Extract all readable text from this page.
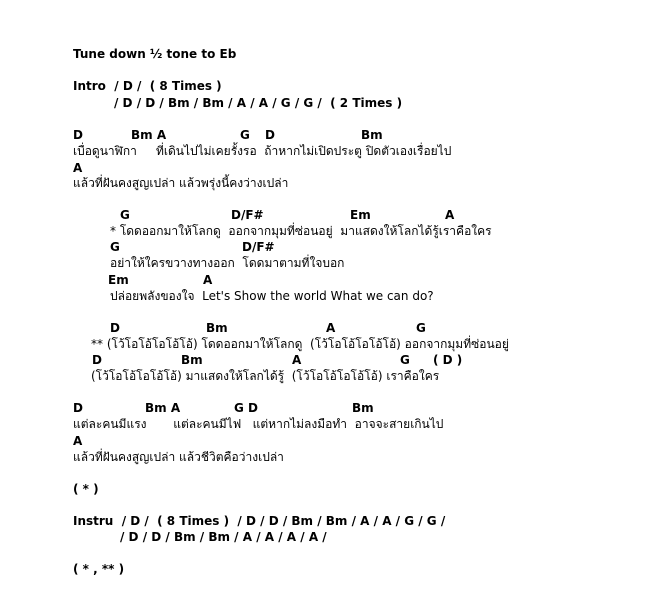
Tune down ½ tone to Eb
Intro  / D /  ( 8 Times )
/ D / D / Bm / Bm / A / A / G / G /  ( 2 Times )
D	Bm A	G D	Bm
เบื่อดูนาฬิกา     ที่เดินไปไม่เคยรั้งรอ  ถ้าหากไม่เปิดประตู ปิดตัวเองเรื่อยไป
A
แล้วที่ฝันคงสูญเปล่า แล้วพรุ่งนี้คงว่างเปล่า
G	D/F#	Em	A
* โดดออกมาให้โลกดู  ออกจากมุมที่ซ่อนอยู่  มาแสดงให้โลกได้รู้เราคือใคร
G	D/F#
อย่าให้ใครขวางทางออก  โดดมาตามที่ใจบอก
Em	A
ปล่อยพลังของใจ  Let's Show the world What we can do?
D	Bm	A	G
** (โว้โอโอ้โอโอ้โอ้) โดดออกมาให้โลกดู  (โว้โอโอ้โอโอ้โอ้) ออกจากมุมที่ซ่อนอยู่
D	Bm	A	G ( D )
(โว้โอโอ้โอโอ้โอ้) มาแสดงให้โลกได้รู้  (โว้โอโอ้โอโอ้โอ้) เราคือใคร
D	Bm A	G D	Bm
แต่ละคนมีแรง       แต่ละคนมีไฟ   แต่หากไม่ลงมือทำ  อาจจะสายเกินไป
A
แล้วที่ฝันคงสูญเปล่า แล้วชีวิตคือว่างเปล่า
( * )
Instru  / D /  ( 8 Times )  / D / D / Bm / Bm / A / A / G / G /
/ D / D / Bm / Bm / A / A / A / A /
( * , ** )
